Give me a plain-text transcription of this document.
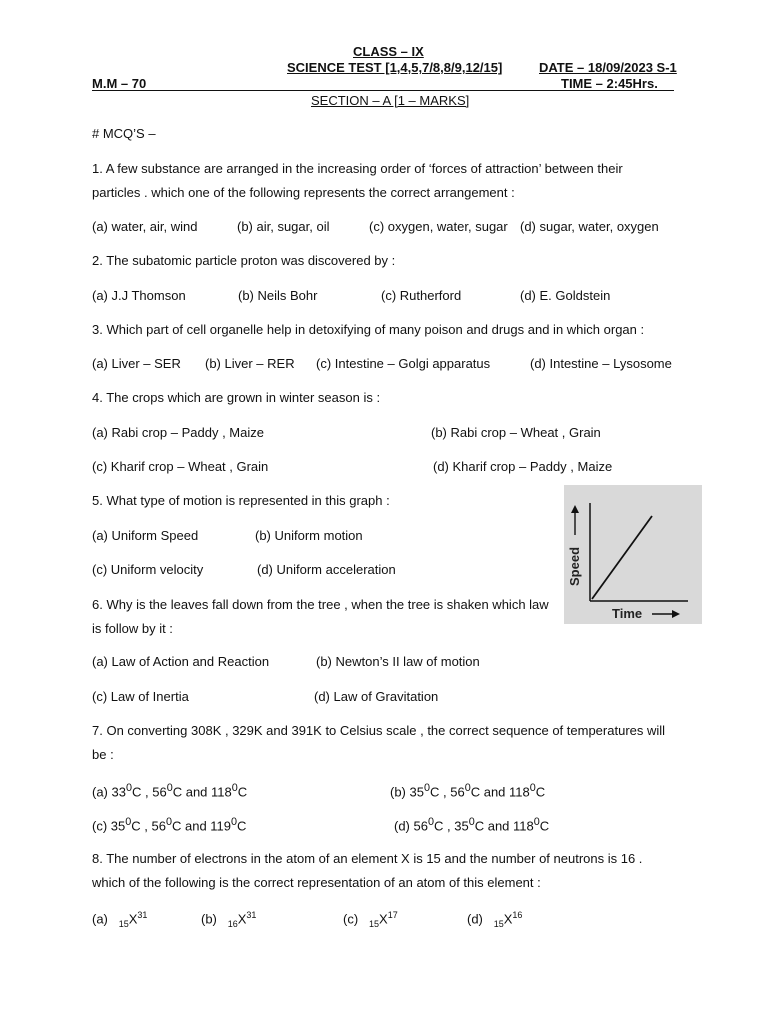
CLASS – IX
SCIENCE TEST [1,4,5,7/8,8/9,12/15]	DATE – 18/09/2023 S-1
M.M – 70	TIME – 2:45Hrs.
SECTION – A [1 – MARKS]
# MCQ’S –
1. A few substance are arranged in the increasing order of ‘forces of attraction’ between their
particles . which one of the following represents the correct arrangement :
(a) water, air, wind	(b) air, sugar, oil	(c) oxygen, water, sugar (d) sugar, water, oxygen
2. The subatomic particle proton was discovered by :
(a) J.J Thomson	(b) Neils Bohr	(c) Rutherford	(d) E. Goldstein
3. Which part of cell organelle help in detoxifying of many poison and drugs and in which organ :
(a) Liver – SER (b) Liver – RER (c) Intestine – Golgi apparatus	(d) Intestine – Lysosome
4. The crops which are grown in winter season is :
(a) Rabi crop – Paddy , Maize	(b) Rabi crop – Wheat , Grain
(c) Kharif crop – Wheat , Grain	(d) Kharif crop – Paddy , Maize
5. What type of motion is represented in this graph :
(a) Uniform Speed	(b) Uniform motion
(c) Uniform velocity	(d) Uniform acceleration	Speed
Time
6. Why is the leaves fall down from the tree , when the tree is shaken which law
is follow by it :
(a) Law of Action and Reaction	(b) Newton’s II law of motion
(c) Law of Inertia	(d) Law of Gravitation
7. On converting 308K , 329K and 391K to Celsius scale , the correct sequence of temperatures will
be :
(a) $33^0C$ , $56^0C$ and $118^0C$	(b) $35^0C$ , $56^0C$ and $118^0C$
(c) $35^0C$ , $56^0C$ and $119^0C$	(d) $56^0C$ , $35^0C$ and $118^0C$
8. The number of electrons in the atom of an element X is 15 and the number of neutrons is 16 .
which of the following is the correct representation of an atom of this element :
(a) $_{15}X^{31}$	(b) $_{16}X^{31}$	(c) $_{15}X^{17}$	(d) $_{15}X^{16}$
